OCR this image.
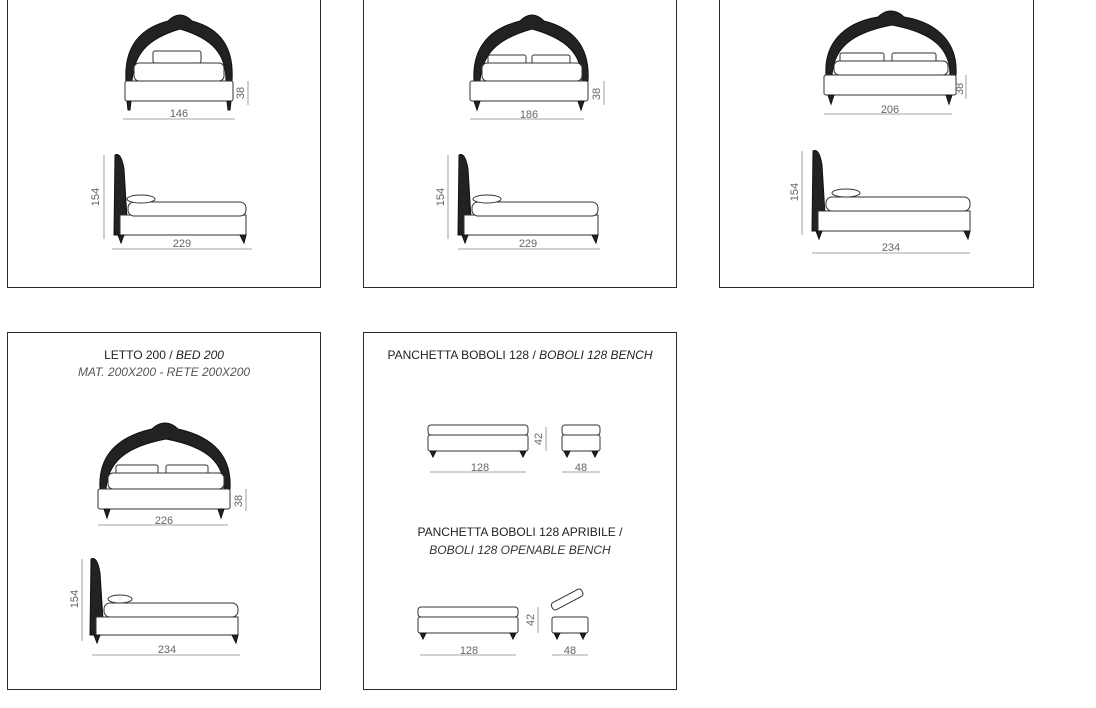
146
38
154
229
186
38
154
229
206
38
154
234
LETTO 200 / BED 200
MAT. 200X200 - RETE 200X200
226
38
154
234
PANCHETTA BOBOLI 128 / BOBOLI 128 BENCH
PANCHETTA BOBOLI 128 APRIBILE /
BOBOLI 128 OPENABLE BENCH
128
42
48
128
42
48
